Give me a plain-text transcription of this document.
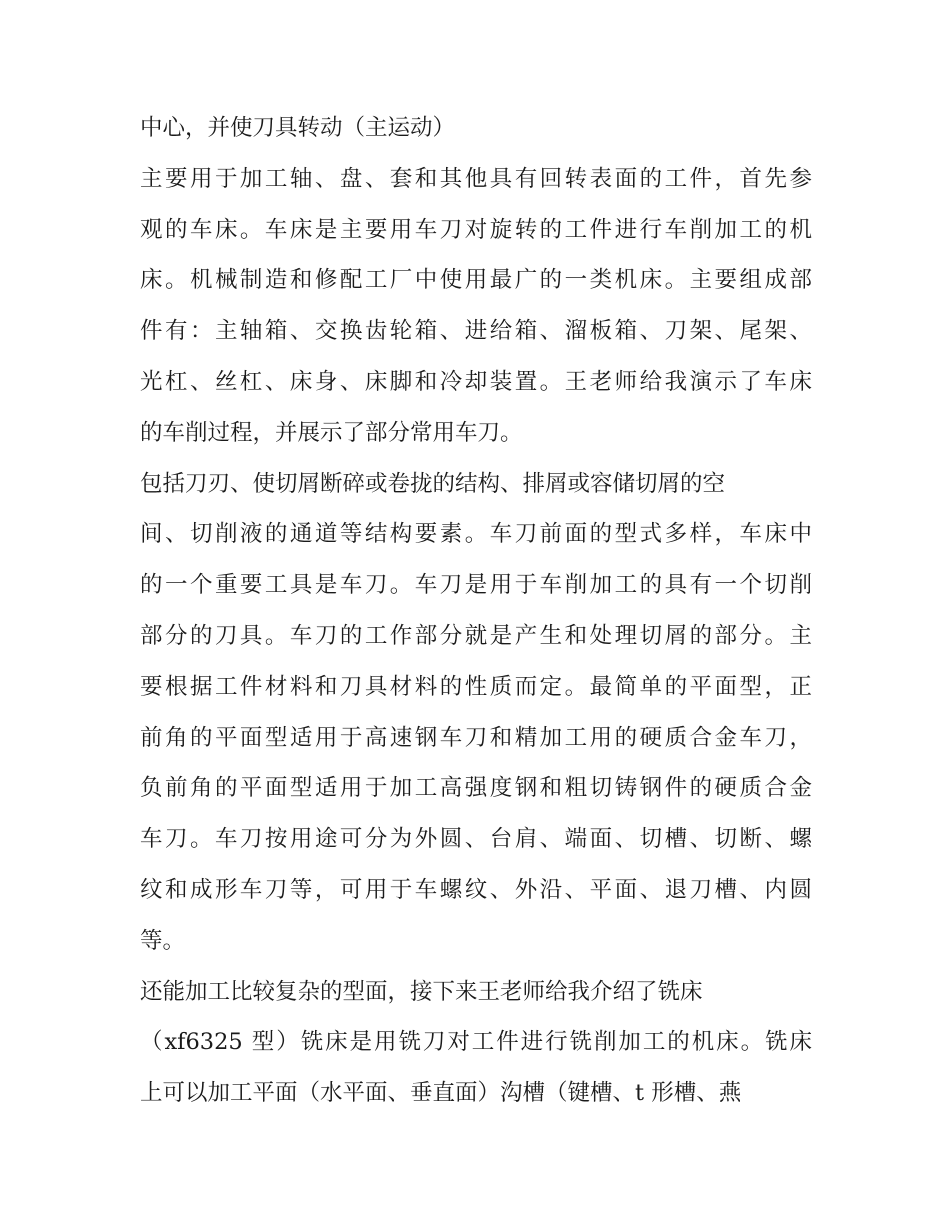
中心，并使刀具转动（主运动）
主要用于加工轴、盘、套和其他具有回转表面的工件，首先参
观的车床。车床是主要用车刀对旋转的工件进行车削加工的机
床。机械制造和修配工厂中使用最广的一类机床。主要组成部
件有：主轴箱、交换齿轮箱、进给箱、溜板箱、刀架、尾架、
光杠、丝杠、床身、床脚和冷却装置。王老师给我演示了车床
的车削过程，并展示了部分常用车刀。
包括刀刃、使切屑断碎或卷拢的结构、排屑或容储切屑的空
间、切削液的通道等结构要素。车刀前面的型式多样，车床中
的一个重要工具是车刀。车刀是用于车削加工的具有一个切削
部分的刀具。车刀的工作部分就是产生和处理切屑的部分。主
要根据工件材料和刀具材料的性质而定。最简单的平面型，正
前角的平面型适用于高速钢车刀和精加工用的硬质合金车刀，
负前角的平面型适用于加工高强度钢和粗切铸钢件的硬质合金
车刀。车刀按用途可分为外圆、台肩、端面、切槽、切断、螺
纹和成形车刀等，可用于车螺纹、外沿、平面、退刀槽、内圆
等。
还能加工比较复杂的型面，接下来王老师给我介绍了铣床
（xf6325 型）铣床是用铣刀对工件进行铣削加工的机床。铣床
上可以加工平面（水平面、垂直面）沟槽（键槽、t 形槽、燕
